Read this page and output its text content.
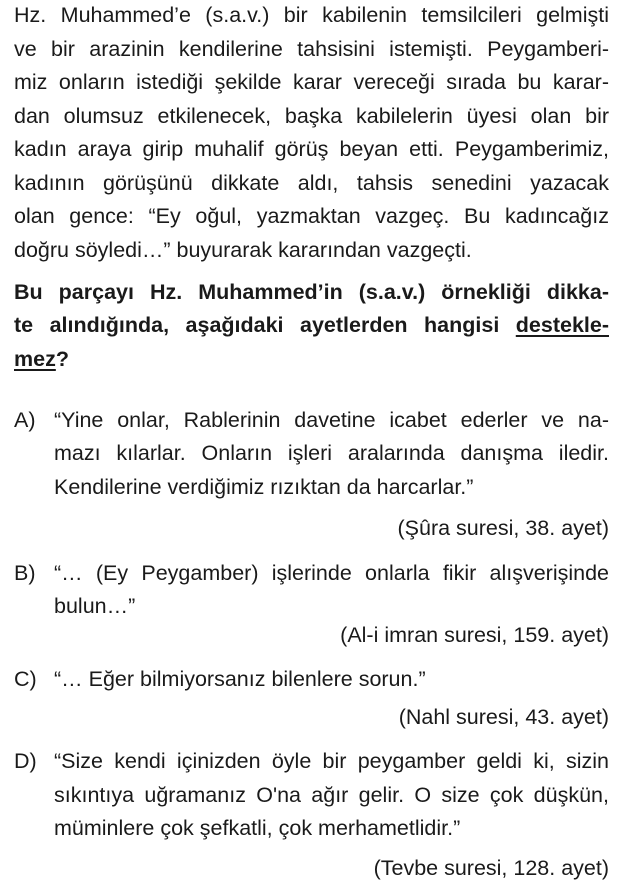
Hz. Muhammed’e (s.a.v.) bir kabilenin temsilcileri gelmişti
ve bir arazinin kendilerine tahsisini istemişti. Peygamberi-
miz onların istediği şekilde karar vereceği sırada bu karar-
dan olumsuz etkilenecek, başka kabilelerin üyesi olan bir
kadın araya girip muhalif görüş beyan etti. Peygamberimiz,
kadının görüşünü dikkate aldı, tahsis senedini yazacak
olan gence: “Ey oğul, yazmaktan vazgeç. Bu kadıncağız
doğru söyledi…” buyurarak kararından vazgeçti.
Bu parçayı Hz. Muhammed’in (s.a.v.) örnekliği dikka-
te alındığında, aşağıdaki ayetlerden hangisi destekle-
mez?
A) “Yine onlar, Rablerinin davetine icabet ederler ve na-
mazı kılarlar. Onların işleri aralarında danışma iledir.
Kendilerine verdiğimiz rızıktan da harcarlar.”
(Şûra suresi, 38. ayet)
B) “… (Ey Peygamber) işlerinde onlarla fikir alışverişinde
bulun…”
(Al-i imran suresi, 159. ayet)
C) “… Eğer bilmiyorsanız bilenlere sorun.”
(Nahl suresi, 43. ayet)
D) “Size kendi içinizden öyle bir peygamber geldi ki, sizin
sıkıntıya uğramanız O'na ağır gelir. O size çok düşkün,
müminlere çok şefkatli, çok merhametlidir.”
(Tevbe suresi, 128. ayet)
